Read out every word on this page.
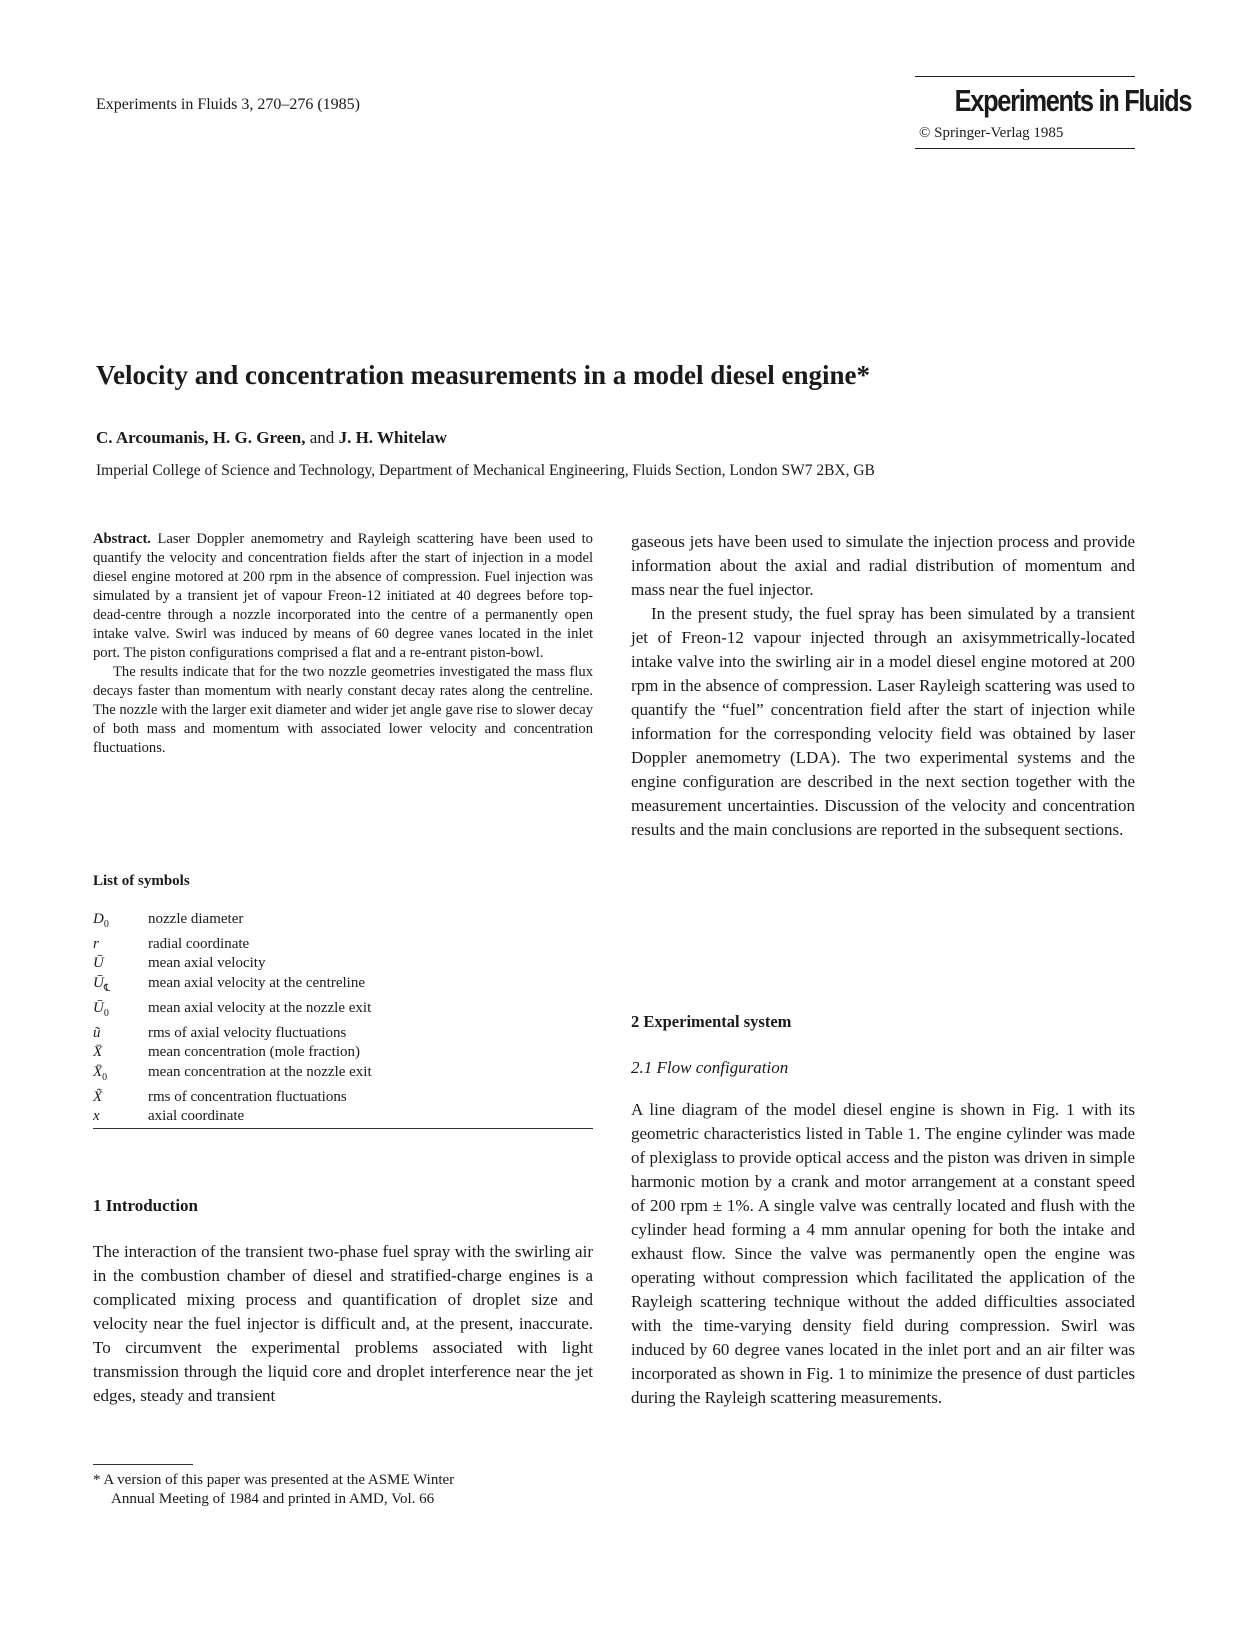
Experiments in Fluids 3, 270–276 (1985)	Experiments in Fluids
© Springer-Verlag 1985
Velocity and concentration measurements in a model diesel engine*
C. Arcoumanis, H. G. Green, and J. H. Whitelaw
Imperial College of Science and Technology, Department of Mechanical Engineering, Fluids Section, London SW7 2BX, GB

Abstract. Laser Doppler anemometry and Rayleigh scattering have been used to quantify the velocity and concentration fields after the start of injection in a model diesel engine motored at 200 rpm in the absence of compression. Fuel injection was simulated by a transient jet of vapour Freon-12 initiated at 40 degrees before top-dead-centre through a nozzle incorporated into the centre of a permanently open intake valve. Swirl was induced by means of 60 degree vanes located in the inlet port. The piston configurations comprised a flat and a re-entrant piston-bowl.

The results indicate that for the two nozzle geometries investigated the mass flux decays faster than momentum with nearly constant decay rates along the centreline. The nozzle with the larger exit diameter and wider jet angle gave rise to slower decay of both mass and momentum with associated lower velocity and concentration fluctuations.

List of symbols
$D_0$	nozzle diameter
r	radial coordinate
Ū	mean axial velocity
$Ū_℄$	mean axial velocity at the centreline
$Ū_0$	mean axial velocity at the nozzle exit
ũ	rms of axial velocity fluctuations
X̄	mean concentration (mole fraction)
$X̄_0$	mean concentration at the nozzle exit
X̃	rms of concentration fluctuations
x	axial coordinate
1 Introduction

The interaction of the transient two-phase fuel spray with the swirling air in the combustion chamber of diesel and stratified-charge engines is a complicated mixing process and quantification of droplet size and velocity near the fuel injector is difficult and, at the present, inaccurate. To circumvent the experimental problems associated with light transmission through the liquid core and droplet interference near the jet edges, steady and transient

* A version of this paper was presented at the ASME Winter
Annual Meeting of 1984 and printed in AMD, Vol. 66

gaseous jets have been used to simulate the injection process and provide information about the axial and radial distribution of momentum and mass near the fuel injector.

In the present study, the fuel spray has been simulated by a transient jet of Freon-12 vapour injected through an axisymmetrically-located intake valve into the swirling air in a model diesel engine motored at 200 rpm in the absence of compression. Laser Rayleigh scattering was used to quantify the “fuel” concentration field after the start of injection while information for the corresponding velocity field was obtained by laser Doppler anemometry (LDA). The two experimental systems and the engine configuration are described in the next section together with the measurement uncertainties. Discussion of the velocity and concentration results and the main conclusions are reported in the subsequent sections.

2 Experimental system
2.1 Flow configuration

A line diagram of the model diesel engine is shown in Fig. 1 with its geometric characteristics listed in Table 1. The engine cylinder was made of plexiglass to provide optical access and the piston was driven in simple harmonic motion by a crank and motor arrangement at a constant speed of 200 rpm ± 1%. A single valve was centrally located and flush with the cylinder head forming a 4 mm annular opening for both the intake and exhaust flow. Since the valve was permanently open the engine was operating without compression which facilitated the application of the Rayleigh scattering technique without the added difficulties associated with the time-varying density field during compression. Swirl was induced by 60 degree vanes located in the inlet port and an air filter was incorporated as shown in Fig. 1 to minimize the presence of dust particles during the Rayleigh scattering measurements.
